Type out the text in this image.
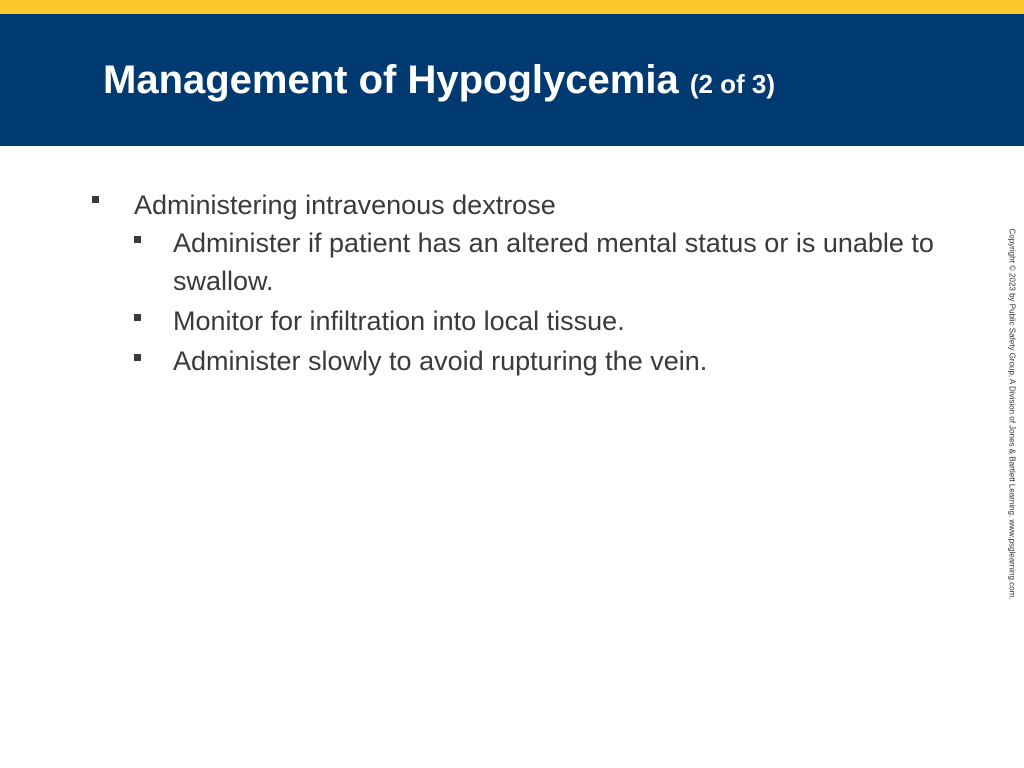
Management of Hypoglycemia (2 of 3)
Administering intravenous dextrose
Administer if patient has an altered mental status or is unable to swallow.
Monitor for infiltration into local tissue.
Administer slowly to avoid rupturing the vein.	Copyright © 2023 by Public Safety Group, A Division of Jones & Bartlett Learning. www.psglearning.com.
